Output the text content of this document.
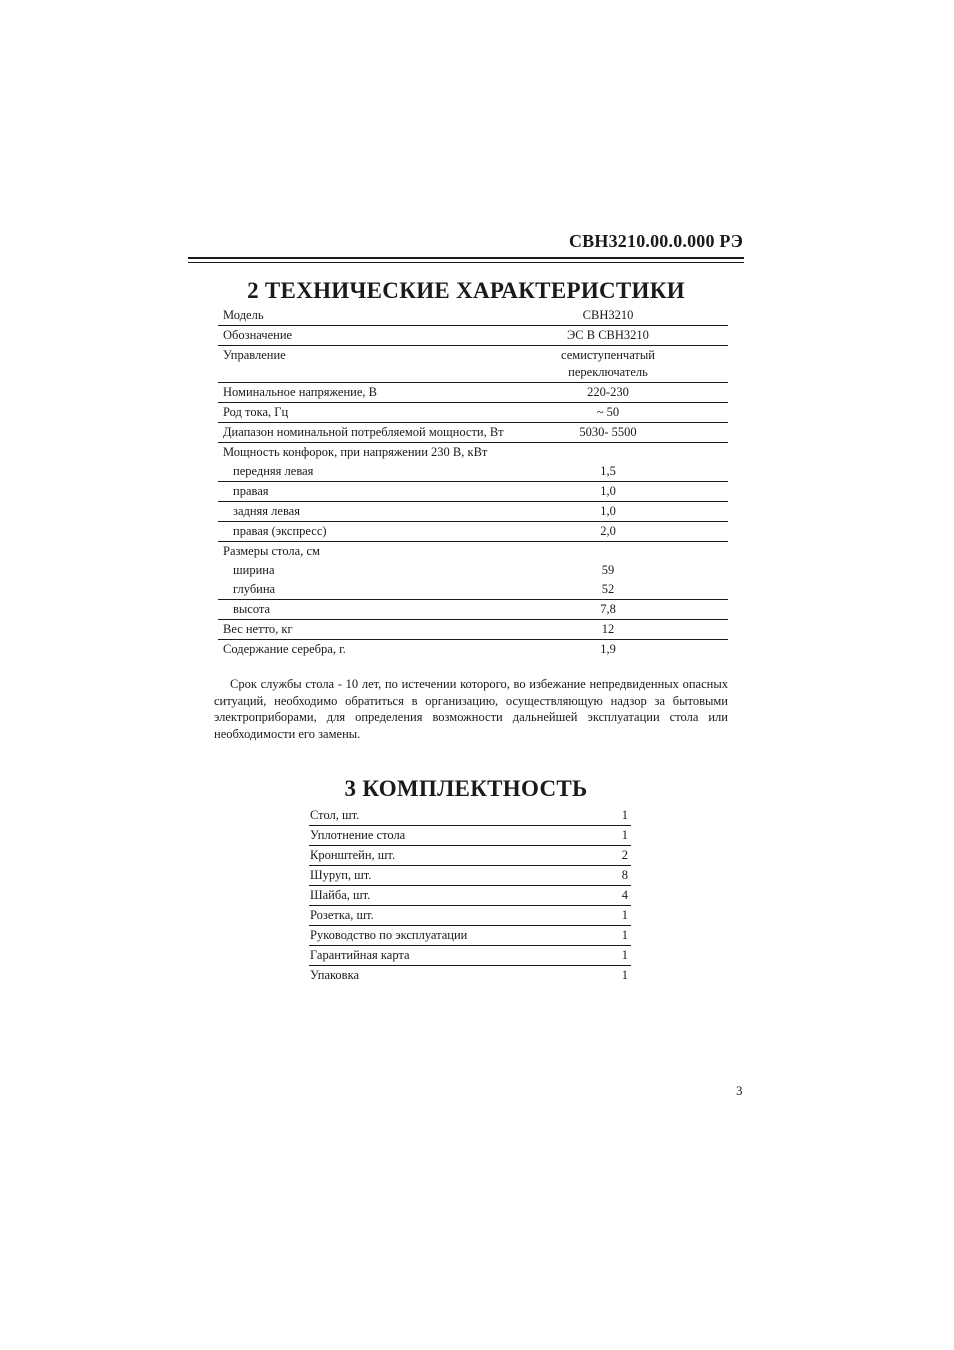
СВН3210.00.0.000 РЭ
2 ТЕХНИЧЕСКИЕ ХАРАКТЕРИСТИКИ
Модель	СВН3210
Обозначение	ЭС В СВН3210
Управление	семиступенчатый
переключатель

Номинальное напряжение, В	220-230
Род тока, Гц	~ 50
Диапазон номинальной потребляемой мощности, Вт	5030- 5500
Мощность конфорок, при напряжении 230 В, кВт	
передняя левая	1,5
правая	1,0
задняя левая	1,0
правая (экспресс)	2,0
Размеры стола, см	
ширина	59
глубина	52
высота	7,8
Вес нетто, кг	12
Содержание серебра, г.	1,9

Срок службы стола - 10 лет, по истечении которого, во избежание непредвиденных опасных ситуаций, необходимо обратиться в организацию, осуществляющую надзор за бытовыми электроприборами, для определения возможности дальнейшей эксплуатации стола или необходимости его замены.

3 КОМПЛЕКТНОСТЬ
Стол, шт.	1
Уплотнение стола	1
Кронштейн, шт.	2
Шуруп, шт.	8
Шайба, шт.	4
Розетка, шт.	1
Руководство по эксплуатации	1
Гарантийная карта	1
Упаковка	1
3
